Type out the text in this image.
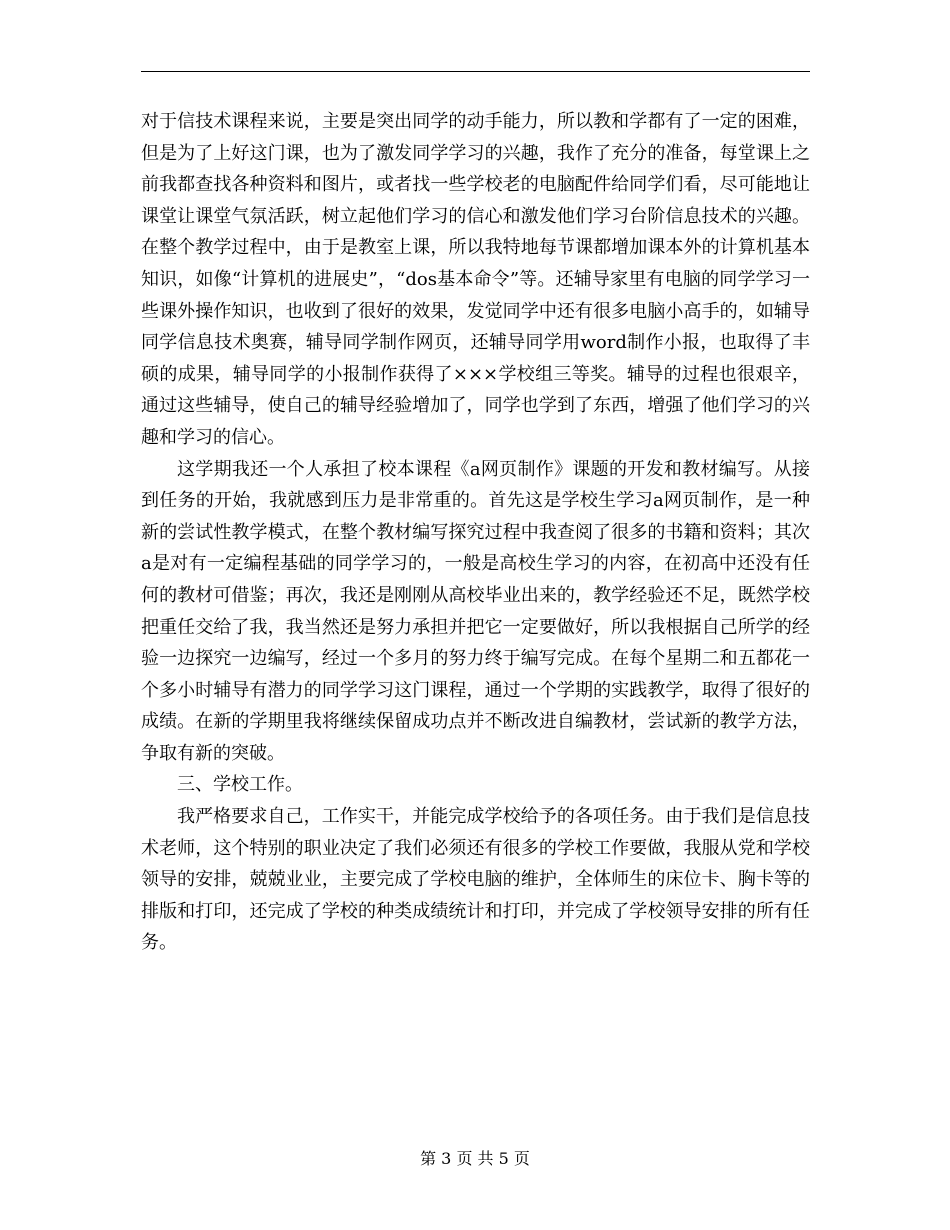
对于信技术课程来说，主要是突出同学的动手能力，所以教和学都有了一定的困难，但是为了上好这门课，也为了激发同学学习的兴趣，我作了充分的准备，每堂课上之前我都查找各种资料和图片，或者找一些学校老的电脑配件给同学们看，尽可能地让课堂让课堂气氛活跃，树立起他们学习的信心和激发他们学习台阶信息技术的兴趣。在整个教学过程中，由于是教室上课，所以我特地每节课都增加课本外的计算机基本知识，如像“计算机的进展史”，“dos基本命令”等。还辅导家里有电脑的同学学习一些课外操作知识，也收到了很好的效果，发觉同学中还有很多电脑小高手的，如辅导同学信息技术奥赛，辅导同学制作网页，还辅导同学用word制作小报，也取得了丰硕的成果，辅导同学的小报制作获得了×××学校组三等奖。辅导的过程也很艰辛，通过这些辅导，使自己的辅导经验增加了，同学也学到了东西，增强了他们学习的兴趣和学习的信心。

这学期我还一个人承担了校本课程《a网页制作》课题的开发和教材编写。从接到任务的开始，我就感到压力是非常重的。首先这是学校生学习a网页制作，是一种新的尝试性教学模式，在整个教材编写探究过程中我查阅了很多的书籍和资料；其次a是对有一定编程基础的同学学习的，一般是高校生学习的内容，在初高中还没有任何的教材可借鉴；再次，我还是刚刚从高校毕业出来的，教学经验还不足，既然学校把重任交给了我，我当然还是努力承担并把它一定要做好，所以我根据自己所学的经验一边探究一边编写，经过一个多月的努力终于编写完成。在每个星期二和五都花一个多小时辅导有潜力的同学学习这门课程，通过一个学期的实践教学，取得了很好的成绩。在新的学期里我将继续保留成功点并不断改进自编教材，尝试新的教学方法，争取有新的突破。

三、学校工作。

我严格要求自己，工作实干，并能完成学校给予的各项任务。由于我们是信息技术老师，这个特别的职业决定了我们必须还有很多的学校工作要做，我服从党和学校领导的安排，兢兢业业，主要完成了学校电脑的维护，全体师生的床位卡、胸卡等的排版和打印，还完成了学校的种类成绩统计和打印，并完成了学校领导安排的所有任务。

第 3 页 共 5 页
